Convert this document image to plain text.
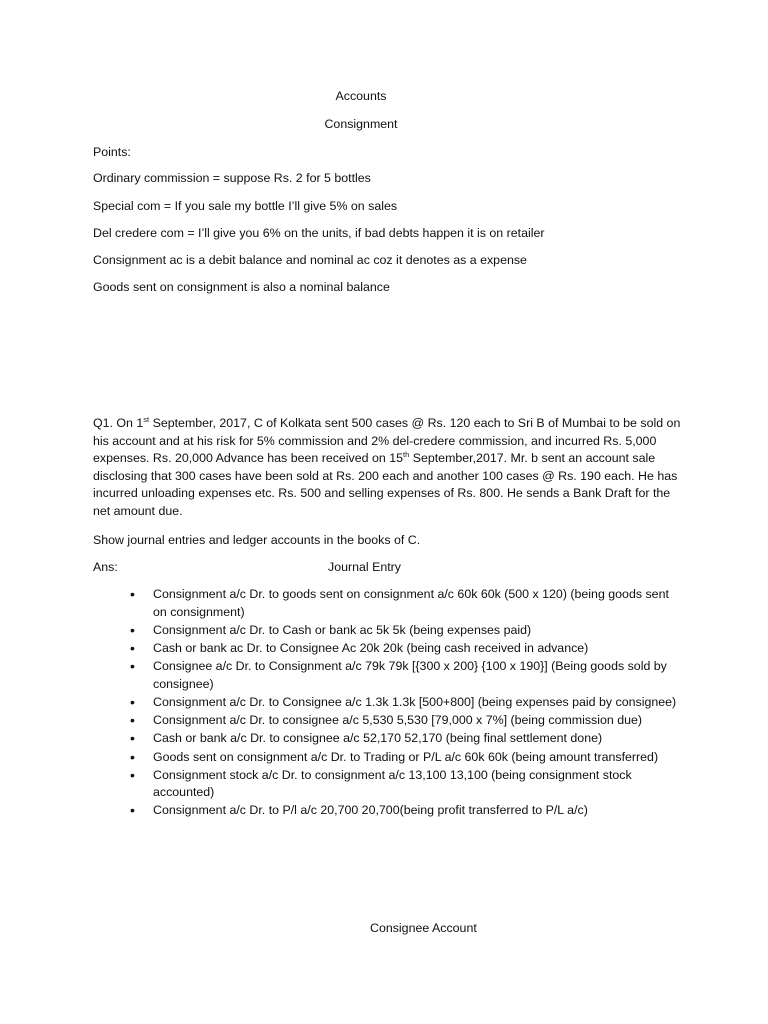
Accounts
Consignment
Points:
Ordinary commission = suppose Rs. 2 for 5 bottles
Special com = If you sale my bottle I’ll give 5% on sales
Del credere com = I’ll give you 6% on the units, if bad debts happen it is on retailer
Consignment ac is a debit balance and nominal ac coz it denotes as a expense
Goods sent on consignment is also a nominal balance
Q1. On 1st September, 2017, C of Kolkata sent 500 cases @ Rs. 120 each to Sri B of Mumbai to be sold on his account and at his risk for 5% commission and 2% del-credere commission, and incurred Rs. 5,000 expenses. Rs. 20,000 Advance has been received on 15th September,2017. Mr. b sent an account sale disclosing that 300 cases have been sold at Rs. 200 each and another 100 cases @ Rs. 190 each. He has incurred unloading expenses etc. Rs. 500 and selling expenses of Rs. 800. He sends a Bank Draft for the net amount due.
Show journal entries and ledger accounts in the books of C.
Ans:	Journal Entry
• Consignment a/c Dr. to goods sent on consignment a/c 60k 60k (500 x 120) (being goods sent on consignment)
• Consignment a/c Dr. to Cash or bank ac 5k 5k (being expenses paid)
• Cash or bank ac Dr. to Consignee Ac 20k 20k (being cash received in advance)
• Consignee a/c Dr. to Consignment a/c 79k 79k [{300 x 200} {100 x 190}] (Being goods sold by consignee)
• Consignment a/c Dr. to Consignee a/c 1.3k 1.3k [500+800] (being expenses paid by consignee)
• Consignment a/c Dr. to consignee a/c 5,530 5,530 [79,000 x 7%] (being commission due)
• Cash or bank a/c Dr. to consignee a/c 52,170 52,170 (being final settlement done)
• Goods sent on consignment a/c Dr. to Trading or P/L a/c 60k 60k (being amount transferred)
• Consignment stock a/c Dr. to consignment a/c 13,100 13,100 (being consignment stock accounted)
• Consignment a/c Dr. to P/l a/c 20,700 20,700(being profit transferred to P/L a/c)
Consignee Account
